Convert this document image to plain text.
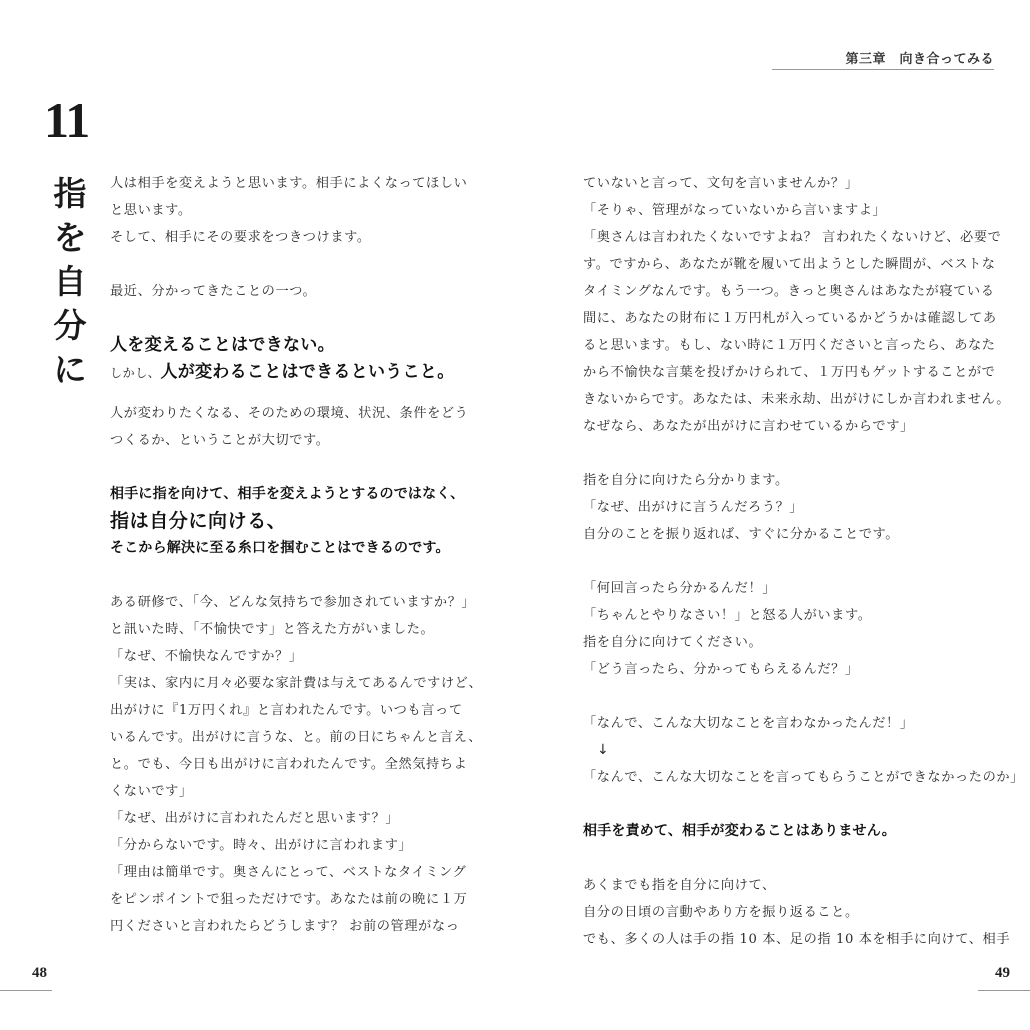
11
指
を
自
分
に
人は相手を変えようと思います。相手によくなってほしい
と思います。
そして、相手にその要求をつきつけます。
最近、分かってきたことの一つ。
人を変えることはできない。
しかし、人が変わることはできるということ。
人が変わりたくなる、そのための環境、状況、条件をどう
つくるか、ということが大切です。
相手に指を向けて、相手を変えようとするのではなく、
指は自分に向ける、
そこから解決に至る糸口を掴むことはできるのです。
ある研修で、「今、どんな気持ちで参加されていますか？」
と訊いた時、「不愉快です」と答えた方がいました。
「なぜ、不愉快なんですか？」
「実は、家内に月々必要な家計費は与えてあるんですけど、
出がけに『1万円くれ』と言われたんです。いつも言って
いるんです。出がけに言うな、と。前の日にちゃんと言え、
と。でも、今日も出がけに言われたんです。全然気持ちよ
くないです」
「なぜ、出がけに言われたんだと思います？」
「分からないです。時々、出がけに言われます」
「理由は簡単です。奥さんにとって、ベストなタイミング
をピンポイントで狙っただけです。あなたは前の晩に１万
円くださいと言われたらどうします？ お前の管理がなっ
48
第三章　向き合ってみる
ていないと言って、文句を言いませんか？」
「そりゃ、管理がなっていないから言いますよ」
「奥さんは言われたくないですよね？ 言われたくないけど、必要で
す。ですから、あなたが靴を履いて出ようとした瞬間が、ベストな
タイミングなんです。もう一つ。きっと奥さんはあなたが寝ている
間に、あなたの財布に１万円札が入っているかどうかは確認してあ
ると思います。もし、ない時に１万円くださいと言ったら、あなた
から不愉快な言葉を投げかけられて、１万円もゲットすることがで
きないからです。あなたは、未来永劫、出がけにしか言われません。
なぜなら、あなたが出がけに言わせているからです」
指を自分に向けたら分かります。
「なぜ、出がけに言うんだろう？」
自分のことを振り返れば、すぐに分かることです。
「何回言ったら分かるんだ！」
「ちゃんとやりなさい！」と怒る人がいます。
指を自分に向けてください。
「どう言ったら、分かってもらえるんだ？」
「なんで、こんな大切なことを言わなかったんだ！」
↓
「なんで、こんな大切なことを言ってもらうことができなかったのか」
相手を責めて、相手が変わることはありません。
あくまでも指を自分に向けて、
自分の日頃の言動やあり方を振り返ること。
でも、多くの人は手の指 10 本、足の指 10 本を相手に向けて、相手
49
